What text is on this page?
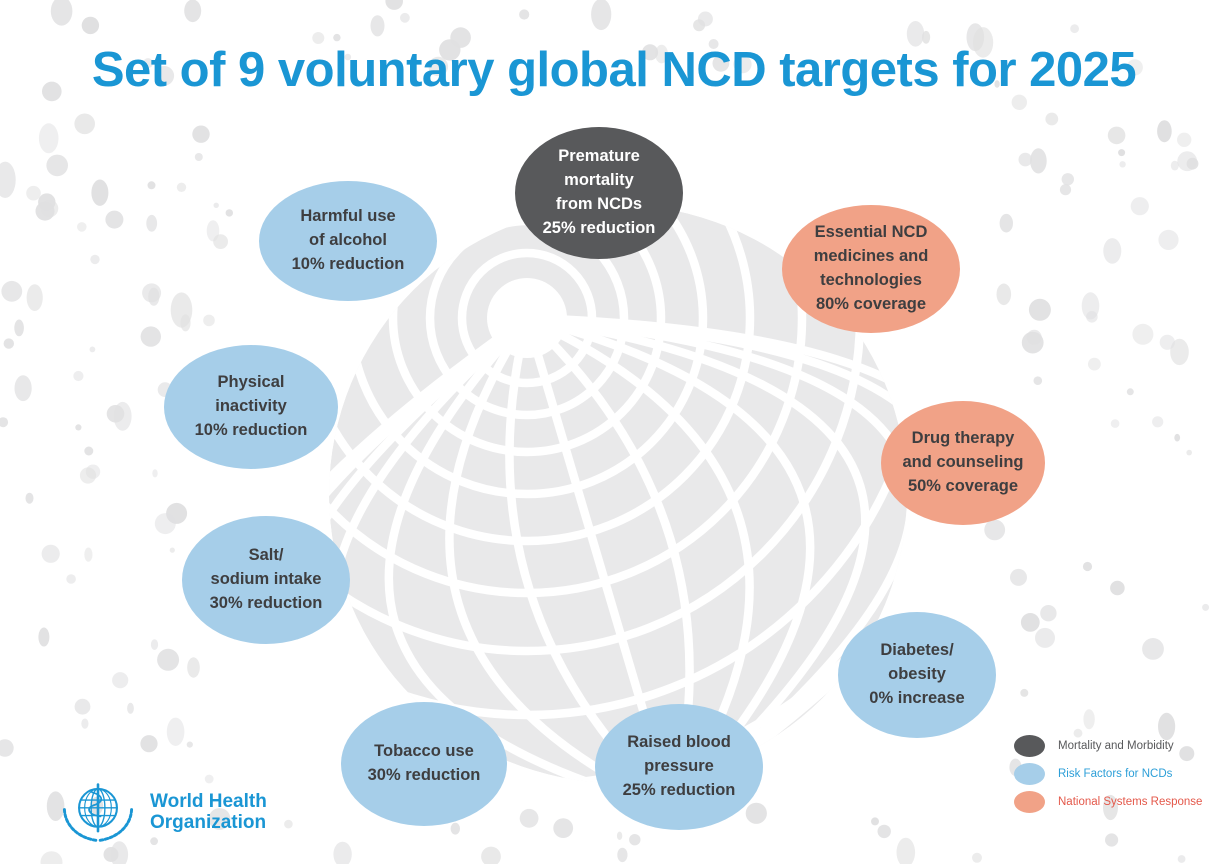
Set of 9 voluntary global NCD targets for 2025
Premature
mortality
from NCDs
25% reduction
Harmful use
of alcohol
10% reduction
Essential NCD
medicines and
technologies
80% coverage
Physical
inactivity
10% reduction	Drug therapy
and counseling
50% coverage
Salt/
sodium intake
30% reduction
Diabetes/
obesity
0% increase
Tobacco use
30% reduction
Raised blood
pressure
25% reduction
Mortality and Morbidity
Risk Factors for NCDs
National Systems Response
World Health
Organization
